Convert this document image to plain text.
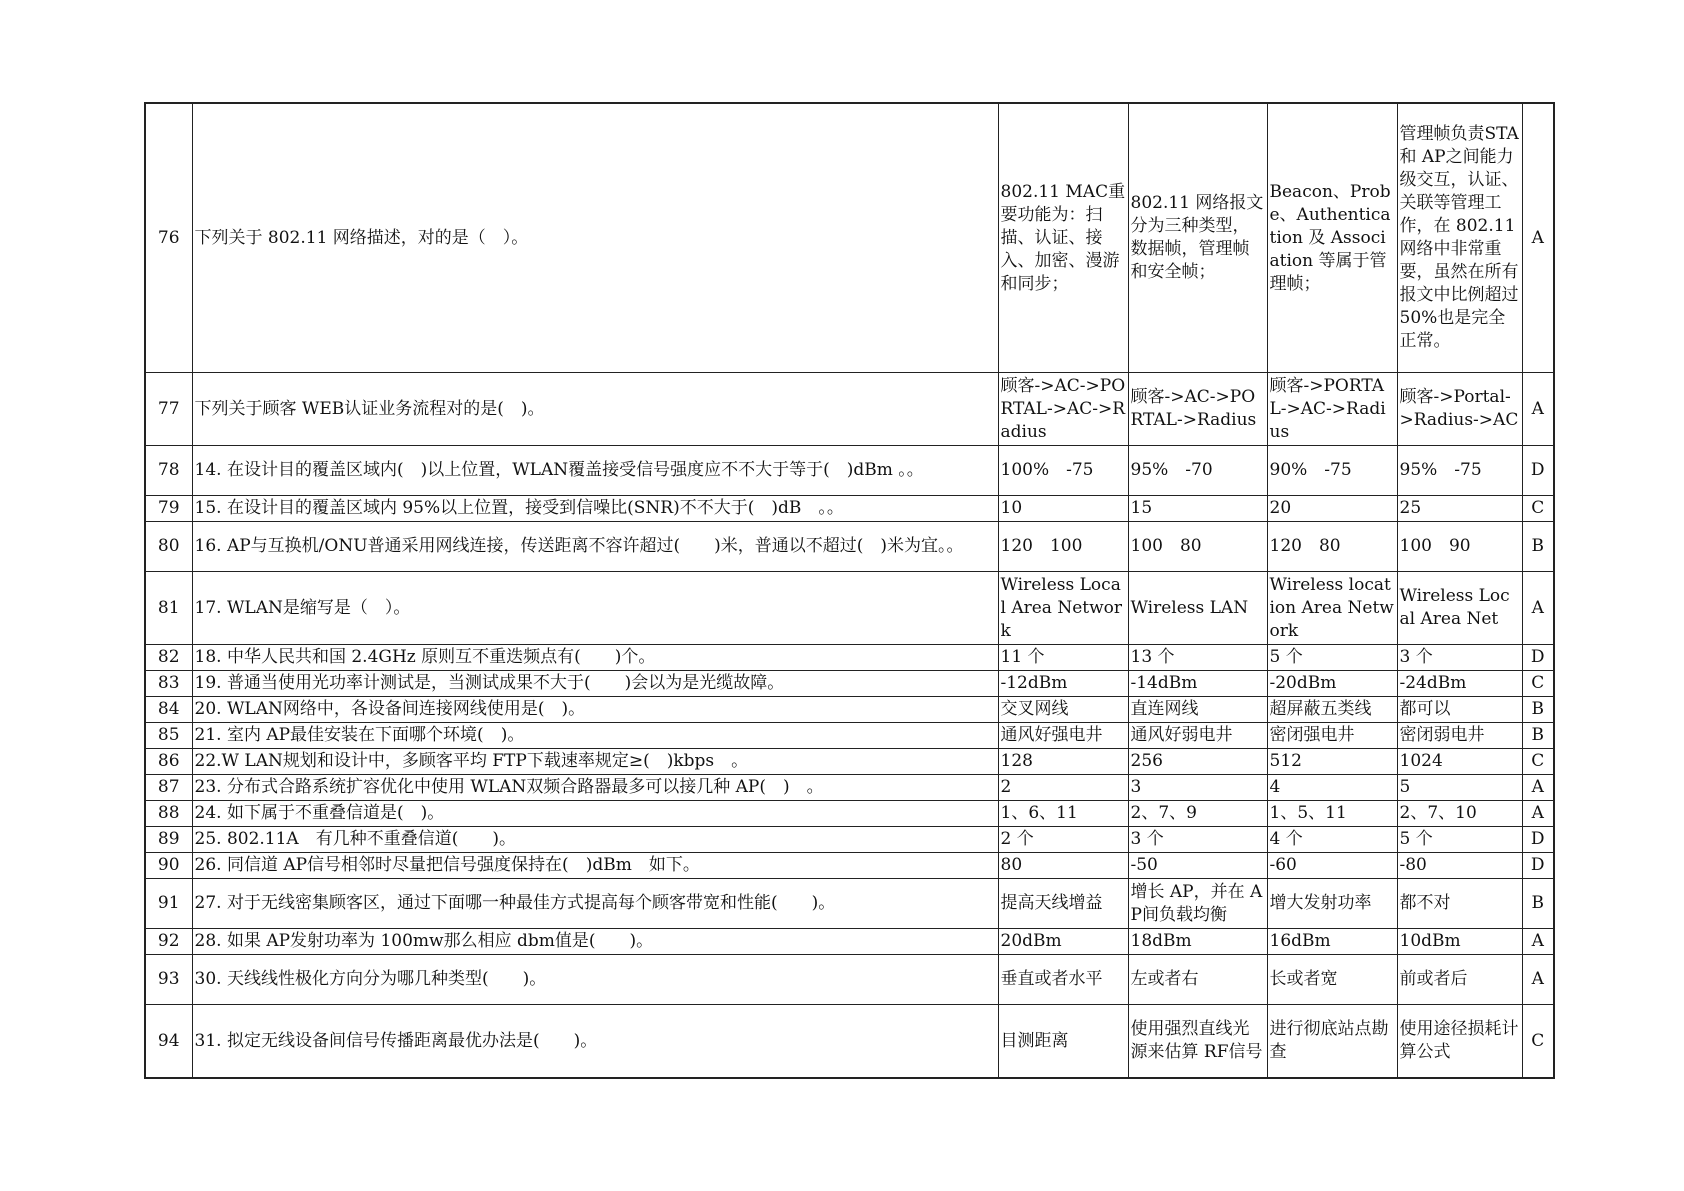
76	下列关于 802.11 网络描述，对的是（　）。	802.11 MAC重要功能为：扫描、认证、接入、加密、漫游和同步；	802.11 网络报文分为三种类型，数据帧，管理帧和安全帧；	Beacon、Probe、Authentication 及 Association 等属于管理帧；	管理帧负责STA和 AP之间能力级交互，认证、关联等管理工作，在 802.11 网络中非常重要，虽然在所有报文中比例超过50%也是完全正常。	A
77	下列关于顾客 WEB认证业务流程对的是(　)。	顾客->AC->PORTAL->AC->Radius	顾客->AC->PORTAL->Radius	顾客->PORTAL->AC->Radius	顾客->Portal->Radius->AC	A
78	14. 在设计目的覆盖区域内(　)以上位置，WLAN覆盖接受信号强度应不不大于等于(　)dBm 。。	100%　-75	95%　-70	90%　-75	95%　-75	D
79	15. 在设计目的覆盖区域内 95%以上位置，接受到信噪比(SNR)不不大于(　)dB　。。	10	15	20	25	C
80	16. AP与互换机/ONU普通采用网线连接，传送距离不容许超过(　　)米，普通以不超过(　)米为宜。。	120　100	100　80	120　80	100　90	B
81	17. WLAN是缩写是（　）。	Wireless Local Area Network	Wireless LAN	Wireless location Area Network	Wireless Local Area Net	A
82	18. 中华人民共和国 2.4GHz 原则互不重迭频点有(　　)个。	11 个	13 个	5 个	3 个	D
83	19. 普通当使用光功率计测试是，当测试成果不大于(　　)会以为是光缆故障。	-12dBm	-14dBm	-20dBm	-24dBm	C
84	20. WLAN网络中，各设备间连接网线使用是(　)。	交叉网线	直连网线	超屏蔽五类线	都可以	B
85	21. 室内 AP最佳安装在下面哪个环境(　)。	通风好强电井	通风好弱电井	密闭强电井	密闭弱电井	B
86	22.W LAN规划和设计中，多顾客平均 FTP下载速率规定≥(　)kbps　。	128	256	512	1024	C
87	23. 分布式合路系统扩容优化中使用 WLAN双频合路器最多可以接几种 AP(　)　。	2	3	4	5	A
88	24. 如下属于不重叠信道是(　)。	1、6、11	2、7、9	1、5、11	2、7、10	A
89	25. 802.11A　有几种不重叠信道(　　)。	2 个	3 个	4 个	5 个	D
90	26. 同信道 AP信号相邻时尽量把信号强度保持在(　)dBm　如下。	80	-50	-60	-80	D
91	27. 对于无线密集顾客区，通过下面哪一种最佳方式提高每个顾客带宽和性能(　　)。	提高天线增益	增长 AP，并在 AP间负载均衡	增大发射功率	都不对	B
92	28. 如果 AP发射功率为 100mw那么相应 dbm值是(　　)。	20dBm	18dBm	16dBm	10dBm	A
93	30. 天线线性极化方向分为哪几种类型(　　)。	垂直或者水平	左或者右	长或者宽	前或者后	A
94	31. 拟定无线设备间信号传播距离最优办法是(　　)。	目测距离	使用强烈直线光源来估算 RF信号	进行彻底站点勘查	使用途径损耗计算公式	C
